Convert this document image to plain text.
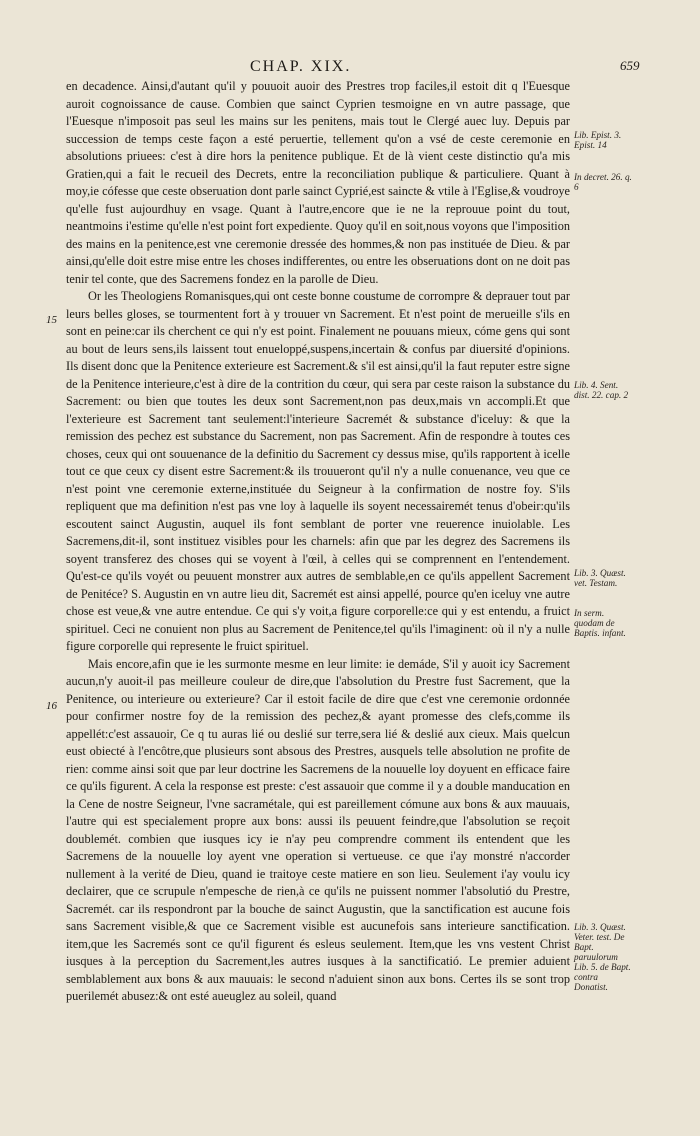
CHAP. XIX.	659
15
16

en decadence. Ainsi,d'autant qu'il y pouuoit auoir des Prestres trop faciles,il estoit dit q l'Euesque auroit cognoissance de cause. Combien que sainct Cyprien tesmoigne en vn autre passage, que l'Euesque n'imposoit pas seul les mains sur les penitens, mais tout le Clergé auec luy. Depuis par succession de temps ceste façon a esté peruertie, tellement qu'on a vsé de ceste ceremonie en absolutions priuees: c'est à dire hors la penitence publique. Et de là vient ceste distinctio qu'a mis Gratien,qui a fait le recueil des Decrets, entre la reconciliation publique & particuliere. Quant à moy,ie cófesse que ceste obseruation dont parle sainct Cyprié,est saincte & vtile à l'Eglise,& voudroye qu'elle fust aujourdhuy en vsage. Quant à l'autre,encore que ie ne la reprouue point du tout, neantmoins i'estime qu'elle n'est point fort expediente. Quoy qu'il en soit,nous voyons que l'imposition des mains en la penitence,est vne ceremonie dressée des hommes,& non pas instituée de Dieu. & par ainsi,qu'elle doit estre mise entre les choses indifferentes, ou entre les obseruations dont on ne doit pas tenir tel conte, que des Sacremens fondez en la parolle de Dieu.

Or les Theologiens Romanisques,qui ont ceste bonne coustume de corrompre & deprauer tout par leurs belles gloses, se tourmentent fort à y trouuer vn Sacrement. Et n'est point de merueille s'ils en sont en peine:car ils cherchent ce qui n'y est point. Finalement ne pouuans mieux, cóme gens qui sont au bout de leurs sens,ils laissent tout enueloppé,suspens,incertain & confus par diuersité d'opinions. Ils disent donc que la Penitence exterieure est Sacrement.& s'il est ainsi,qu'il la faut reputer estre signe de la Penitence interieure,c'est à dire de la contrition du cœur, qui sera par ceste raison la substance du Sacrement: ou bien que toutes les deux sont Sacrement,non pas deux,mais vn accompli.Et que l'exterieure est Sacrement tant seulement:l'interieure Sacremét & substance d'iceluy: & que la remission des pechez est substance du Sacrement, non pas Sacrement. Afin de respondre à toutes ces choses, ceux qui ont souuenance de la definitio du Sacrement cy dessus mise, qu'ils rapportent à icelle tout ce que ceux cy disent estre Sacrement:& ils trouueront qu'il n'y a nulle conuenance, veu que ce n'est point vne ceremonie externe,instituée du Seigneur à la confirmation de nostre foy. S'ils repliquent que ma definition n'est pas vne loy à laquelle ils soyent necessairemét tenus d'obeir:qu'ils escoutent sainct Augustin, auquel ils font semblant de porter vne reuerence inuiolable. Les Sacremens,dit-il, sont instituez visibles pour les charnels: afin que par les degrez des Sacremens ils soyent transferez des choses qui se voyent à l'œil, à celles qui se comprennent en l'entendement. Qu'est-ce qu'ils voyét ou peuuent monstrer aux autres de semblable,en ce qu'ils appellent Sacrement de Penitéce? S. Augustin en vn autre lieu dit, Sacremét est ainsi appellé, pource qu'en iceluy vne autre chose est veue,& vne autre entendue. Ce qui s'y voit,a figure corporelle:ce qui y est entendu, a fruict spirituel. Ceci ne conuient non plus au Sacrement de Penitence,tel qu'ils l'imaginent: où il n'y a nulle figure corporelle qui represente le fruict spirituel.

Mais encore,afin que ie les surmonte mesme en leur limite: ie demáde, S'il y auoit icy Sacrement aucun,n'y auoit-il pas meilleure couleur de dire,que l'absolution du Prestre fust Sacrement, que la Penitence, ou interieure ou exterieure? Car il estoit facile de dire que c'est vne ceremonie ordonnée pour confirmer nostre foy de la remission des pechez,& ayant promesse des clefs,comme ils appellét:c'est assauoir, Ce q tu auras lié ou deslié sur terre,sera lié & deslié aux cieux. Mais quelcun eust obiecté à l'encôtre,que plusieurs sont absous des Prestres, ausquels telle absolution ne profite de rien: comme ainsi soit que par leur doctrine les Sacremens de la nouuelle loy doyuent en efficace faire ce qu'ils figurent. A cela la response est preste: c'est assauoir que comme il y a double manducation en la Cene de nostre Seigneur, l'vne sacramétale, qui est pareillement cómune aux bons & aux mauuais, l'autre qui est specialement propre aux bons: aussi ils peuuent feindre,que l'absolution se reçoit doublemét. combien que iusques icy ie n'ay peu comprendre comment ils entendent que les Sacremens de la nouuelle loy ayent vne operation si vertueuse. ce que i'ay monstré n'accorder nullement à la verité de Dieu, quand ie traitoye ceste matiere en son lieu. Seulement i'ay voulu icy declairer, que ce scrupule n'empesche de rien,à ce qu'ils ne puissent nommer l'absolutió du Prestre, Sacremét. car ils respondront par la bouche de sainct Augustin, que la sanctification est aucune fois sans Sacrement visible,& que ce Sacrement visible est aucunefois sans interieure sanctification. item,que les Sacremés sont ce qu'il figurent és esleus seulement. Item,que les vns vestent Christ iusques à la perception du Sacrement,les autres iusques à la sanctificatió. Le premier aduient semblablement aux bons & aux mauuais: le second n'aduient sinon aux bons. Certes ils se sont trop puerilemét abusez:& ont esté aueuglez au soleil, quand

Lib. Epist. 3. Epist. 14
In decret. 26. q. 6
Lib. 4. Sent. dist. 22. cap. 2
Lib. 3. Quæst. vet. Testam.
In serm. quodam de Baptis. infant.
Lib. 3. Quæst. Veter. test. De Bapt. paruulorum Lib. 5. de Bapt. contra Donatist.
